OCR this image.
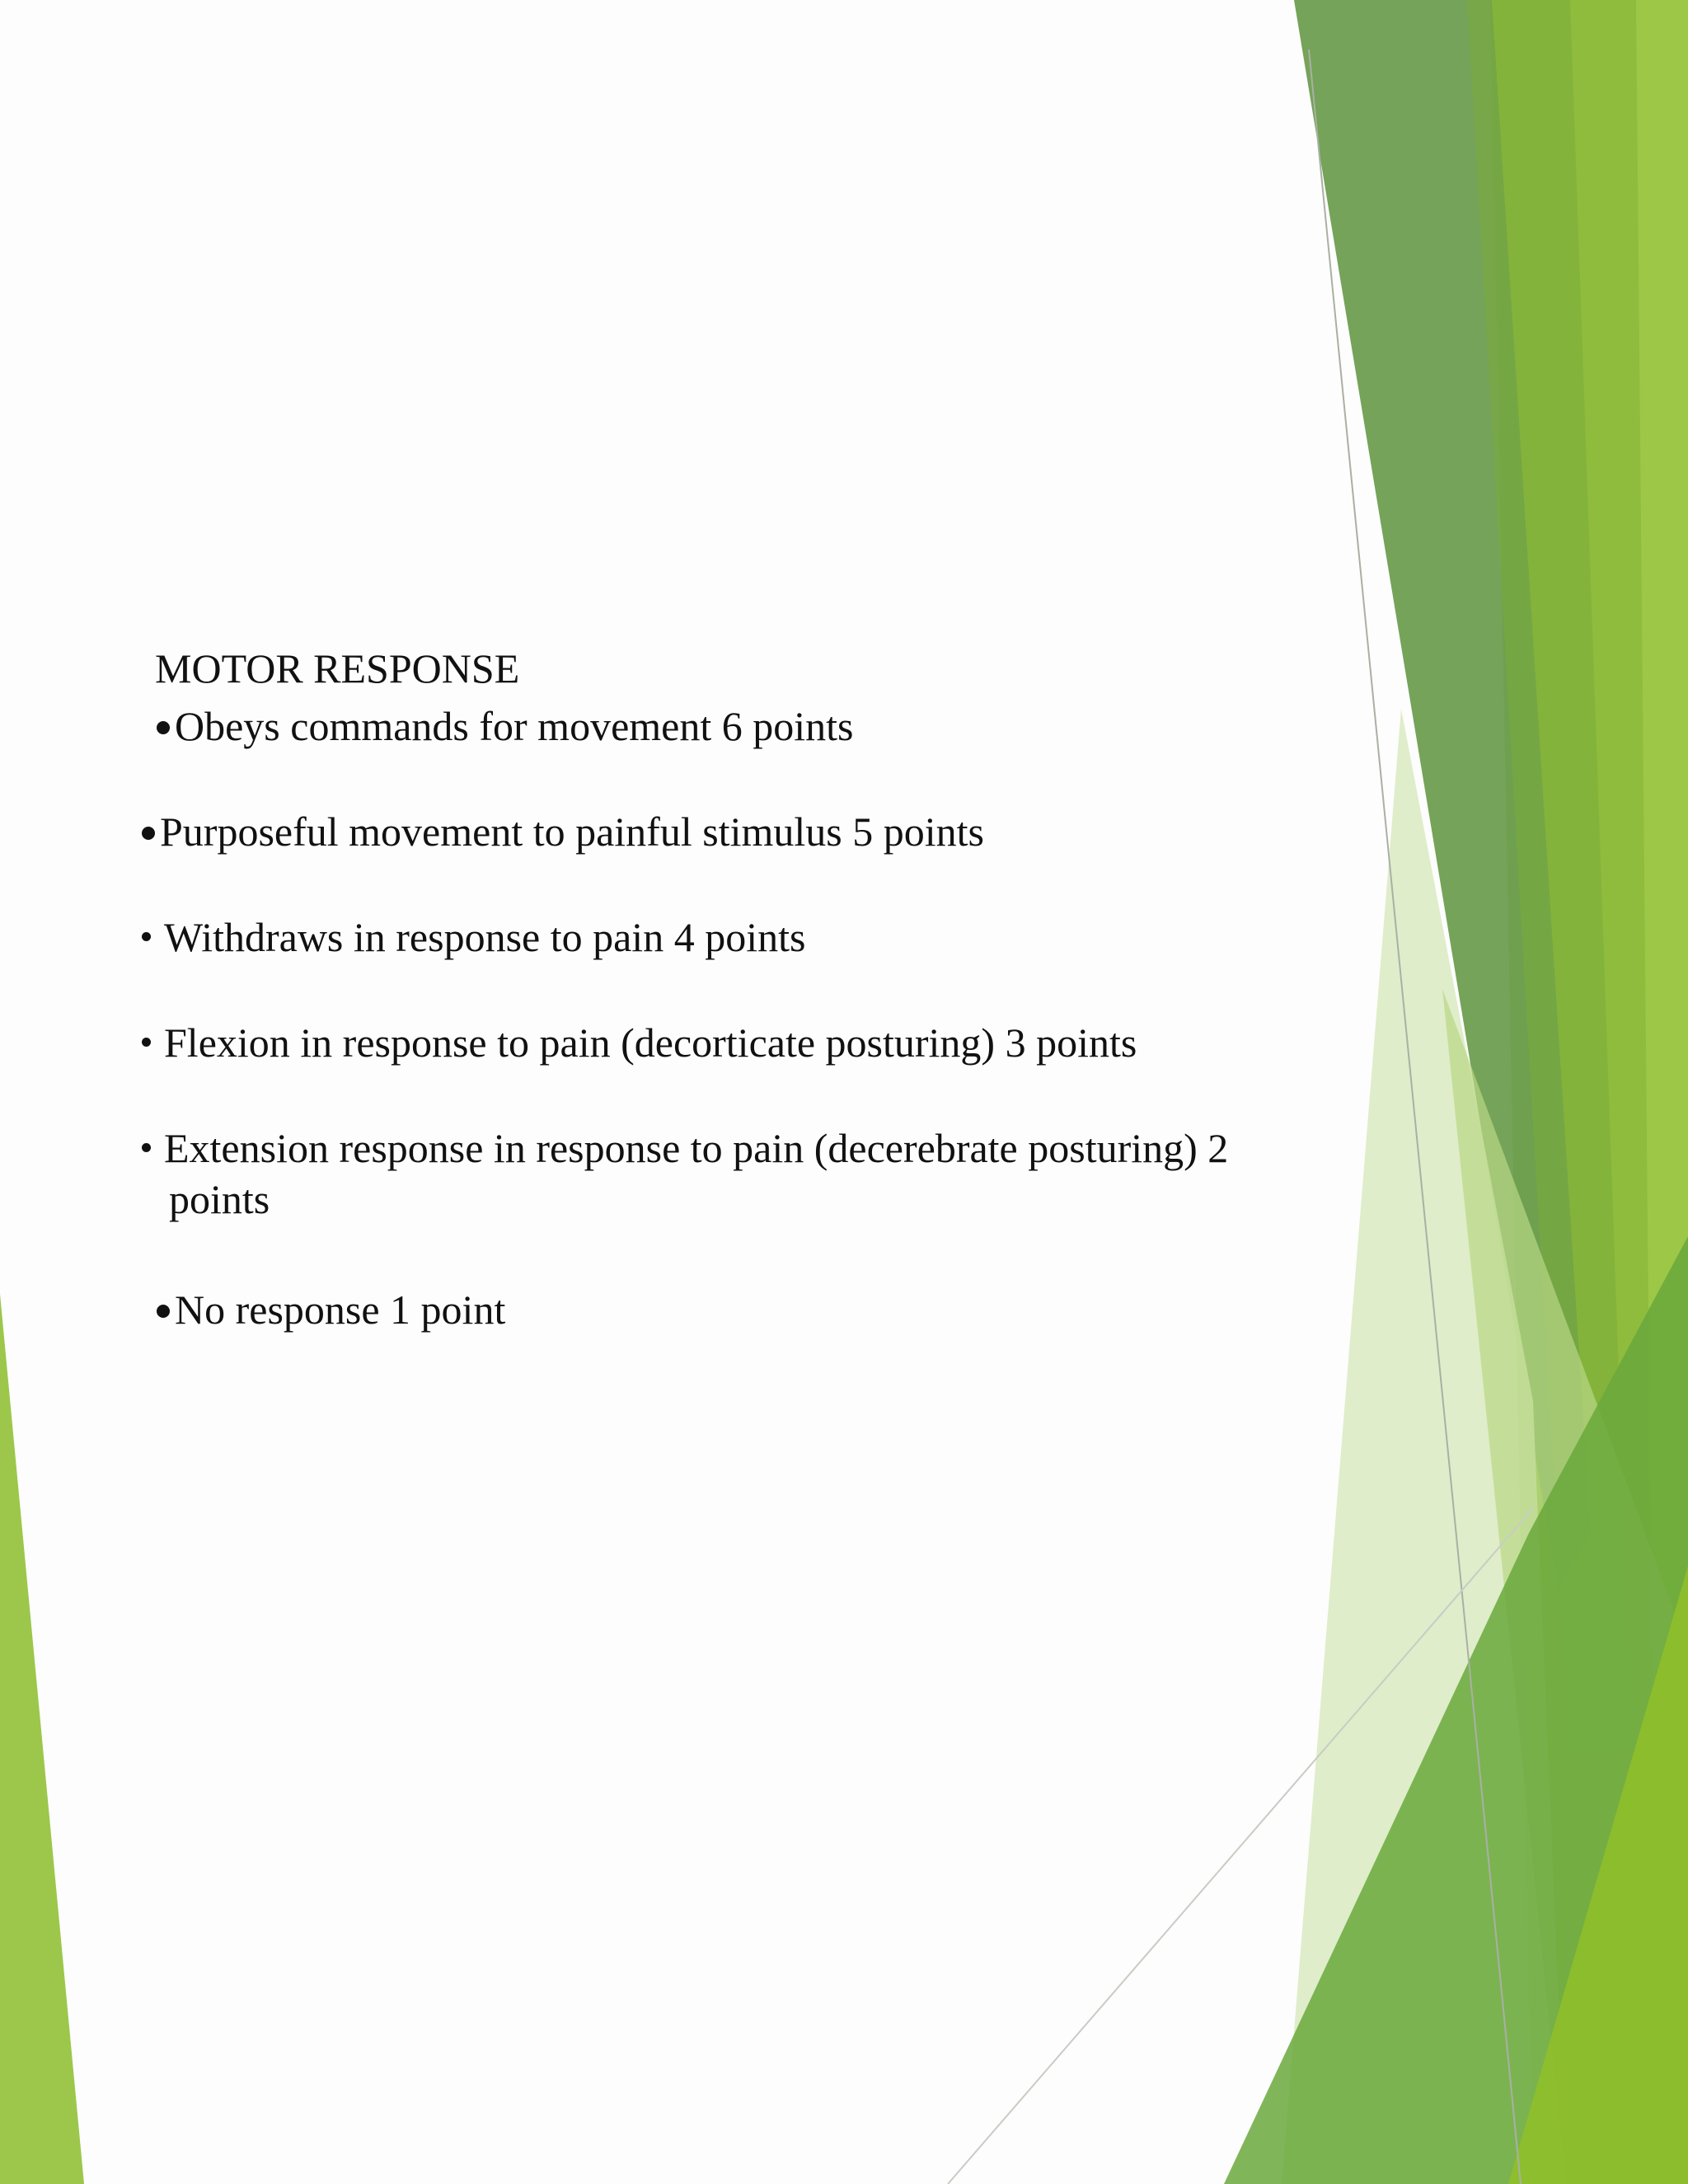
MOTOR RESPONSE
Obeys commands for movement 6 points
Purposeful movement to painful stimulus 5 points
Withdraws in response to pain 4 points
Flexion in response to pain (decorticate posturing) 3 points
Extension response in response to pain (decerebrate posturing) 2
points
No response 1 point
